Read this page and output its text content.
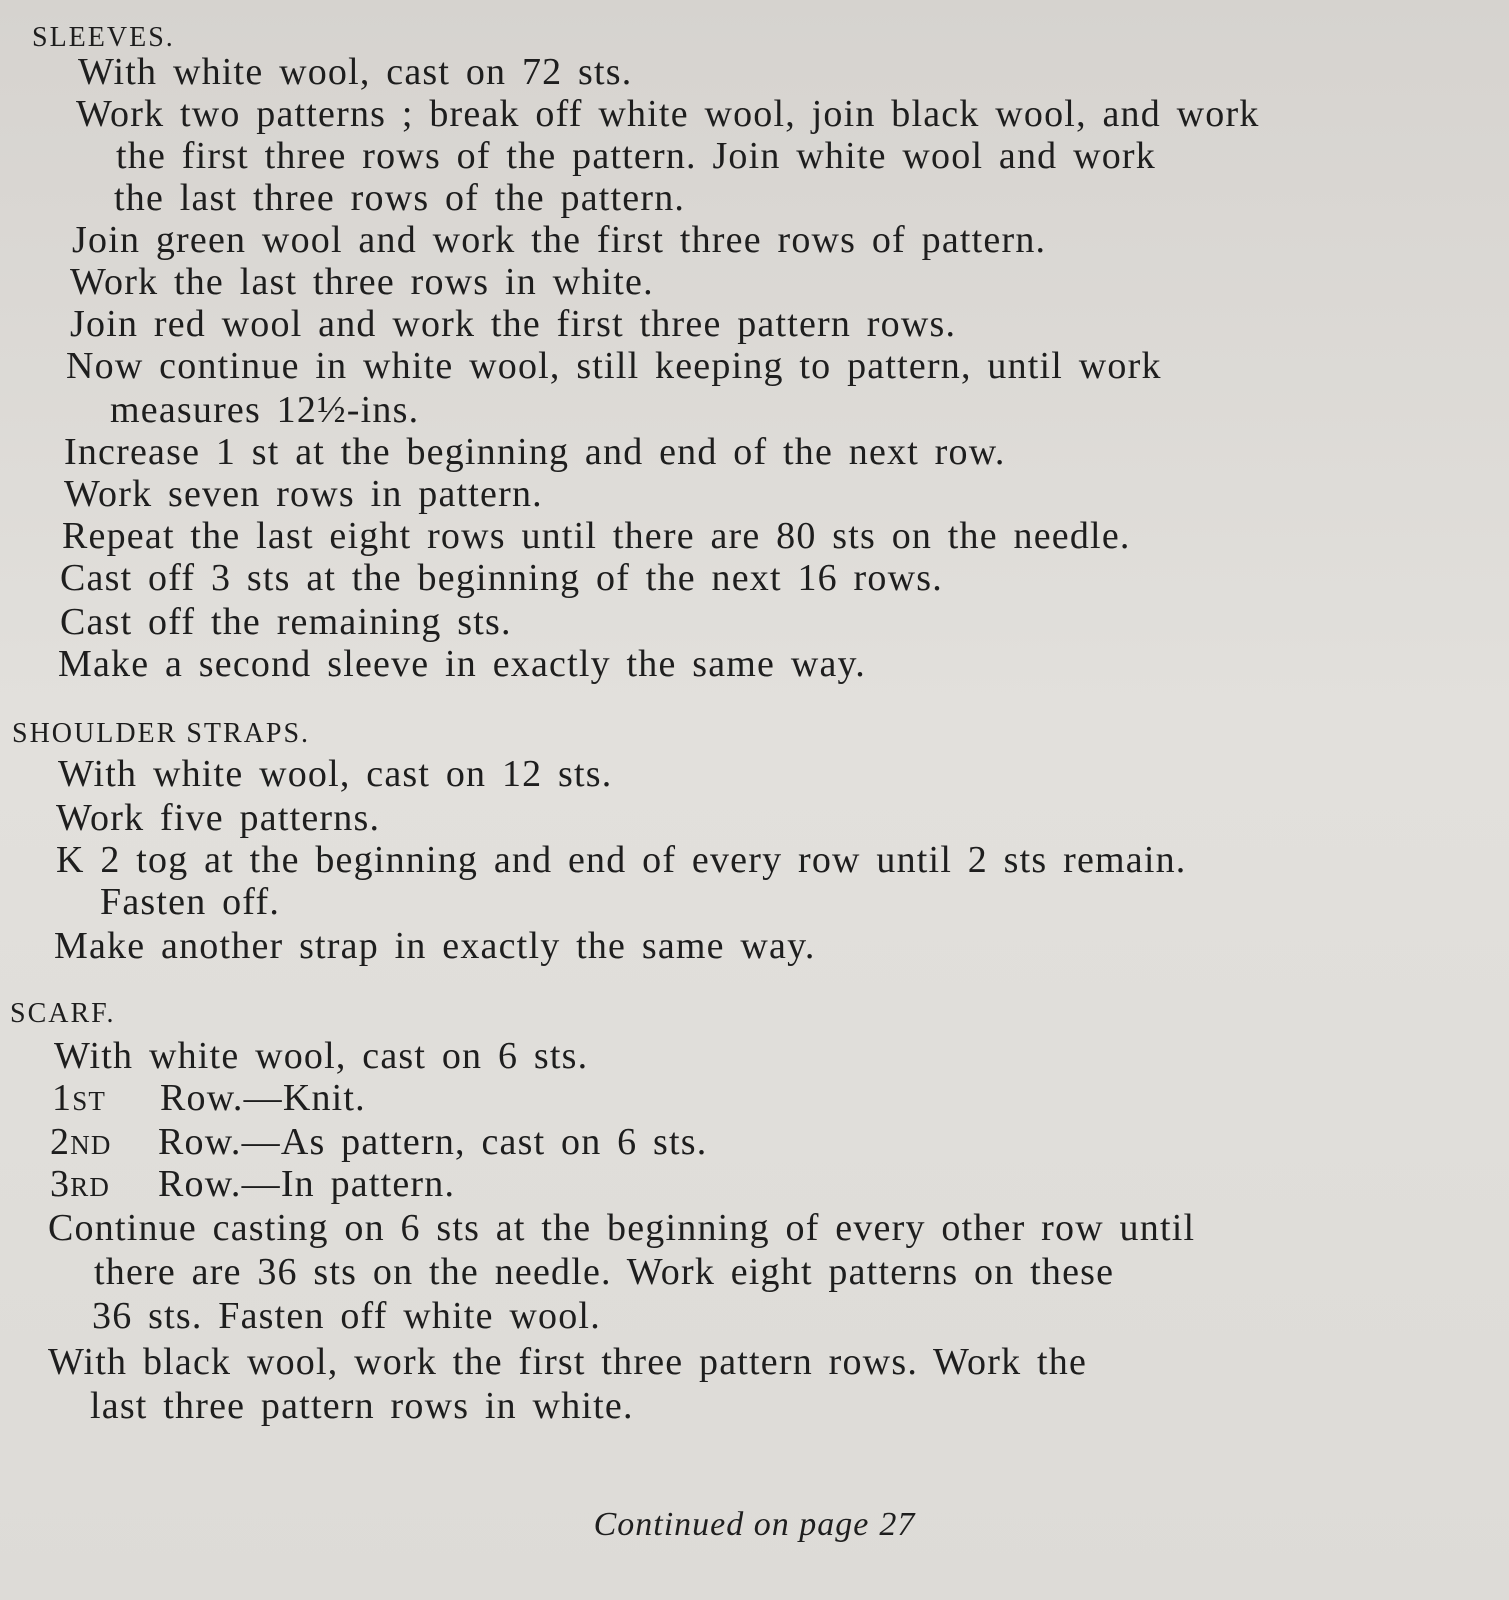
SLEEVES.

With white wool, cast on 72 sts.

Work two patterns ; break off white wool, join black wool, and work

the first three rows of the pattern. Join white wool and work

the last three rows of the pattern.

Join green wool and work the first three rows of pattern.

Work the last three rows in white.

Join red wool and work the first three pattern rows.

Now continue in white wool, still keeping to pattern, until work

measures 12½-ins.

Increase 1 st at the beginning and end of the next row.

Work seven rows in pattern.

Repeat the last eight rows until there are 80 sts on the needle.

Cast off 3 sts at the beginning of the next 16 rows.

Cast off the remaining sts.

Make a second sleeve in exactly the same way.

SHOULDER STRAPS.

With white wool, cast on 12 sts.

Work five patterns.

K 2 tog at the beginning and end of every row until 2 sts remain.

Fasten off.

Make another strap in exactly the same way.

SCARF.

With white wool, cast on 6 sts.

1st Row.—Knit.

2nd Row.—As pattern, cast on 6 sts.

3rd Row.—In pattern.

Continue casting on 6 sts at the beginning of every other row until

there are 36 sts on the needle. Work eight patterns on these

36 sts. Fasten off white wool.

With black wool, work the first three pattern rows. Work the

last three pattern rows in white.

Continued on page 27
